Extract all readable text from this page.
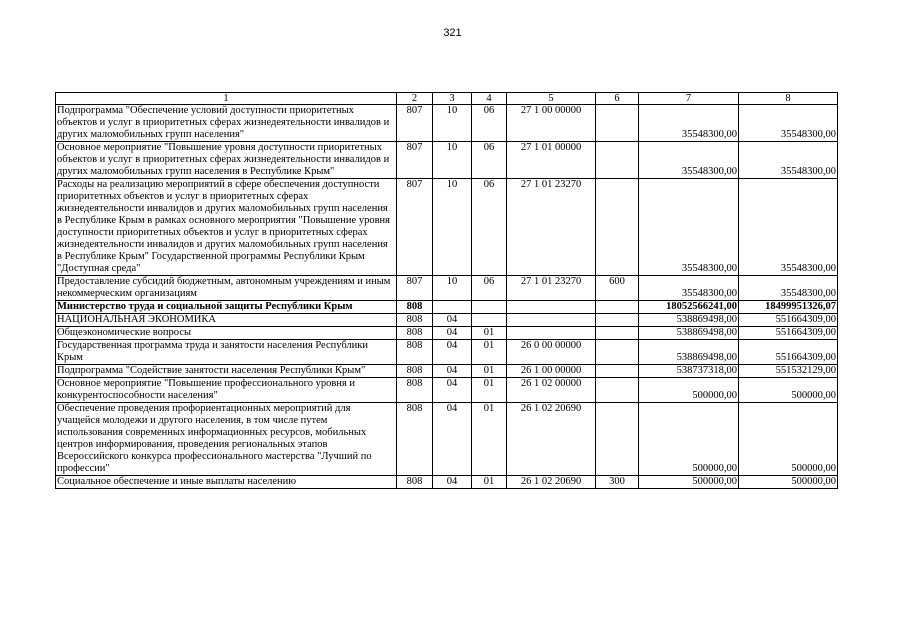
321
1	2	3	4	5	6	7	8
Подпрограмма "Обеспечение условий доступности приоритетных объектов и услуг в приоритетных сферах жизнедеятельности инвалидов и других маломобильных групп населения"	807	10	06	27 1 00 00000		35548300,00	35548300,00
Основное мероприятие "Повышение уровня доступности приоритетных объектов и услуг в приоритетных сферах жизнедеятельности инвалидов и других маломобильных групп населения в Республике Крым"	807	10	06	27 1 01 00000		35548300,00	35548300,00
Расходы на реализацию мероприятий в сфере обеспечения доступности приоритетных объектов и услуг в приоритетных сферах жизнедеятельности инвалидов и других маломобильных групп населения в Республике Крым в рамках основного мероприятия "Повышение уровня доступности приоритетных объектов и услуг в приоритетных сферах жизнедеятельности инвалидов и других маломобильных групп населения в Республике Крым" Государственной программы Республики Крым "Доступная среда"	807	10	06	27 1 01 23270		35548300,00	35548300,00
Предоставление субсидий бюджетным, автономным учреждениям и иным некоммерческим организациям	807	10	06	27 1 01 23270	600	35548300,00	35548300,00
Министерство труда и социальной защиты Республики Крым	808					18052566241,00	18499951326,07
НАЦИОНАЛЬНАЯ ЭКОНОМИКА	808	04				538869498,00	551664309,00
Общеэкономические вопросы	808	04	01			538869498,00	551664309,00
Государственная программа труда и занятости населения Республики Крым	808	04	01	26 0 00 00000		538869498,00	551664309,00
Подпрограмма "Содействие занятости населения Республики Крым"	808	04	01	26 1 00 00000		538737318,00	551532129,00
Основное мероприятие "Повышение профессионального уровня и конкурентоспособности населения"	808	04	01	26 1 02 00000		500000,00	500000,00
Обеспечение проведения профориентационных мероприятий для учащейся молодежи и другого населения, в том числе путем использования современных информационных ресурсов, мобильных центров информирования, проведения региональных этапов Всероссийского конкурса профессионального мастерства "Лучший по профессии"	808	04	01	26 1 02 20690		500000,00	500000,00
Социальное обеспечение и иные выплаты населению	808	04	01	26 1 02 20690	300	500000,00	500000,00
